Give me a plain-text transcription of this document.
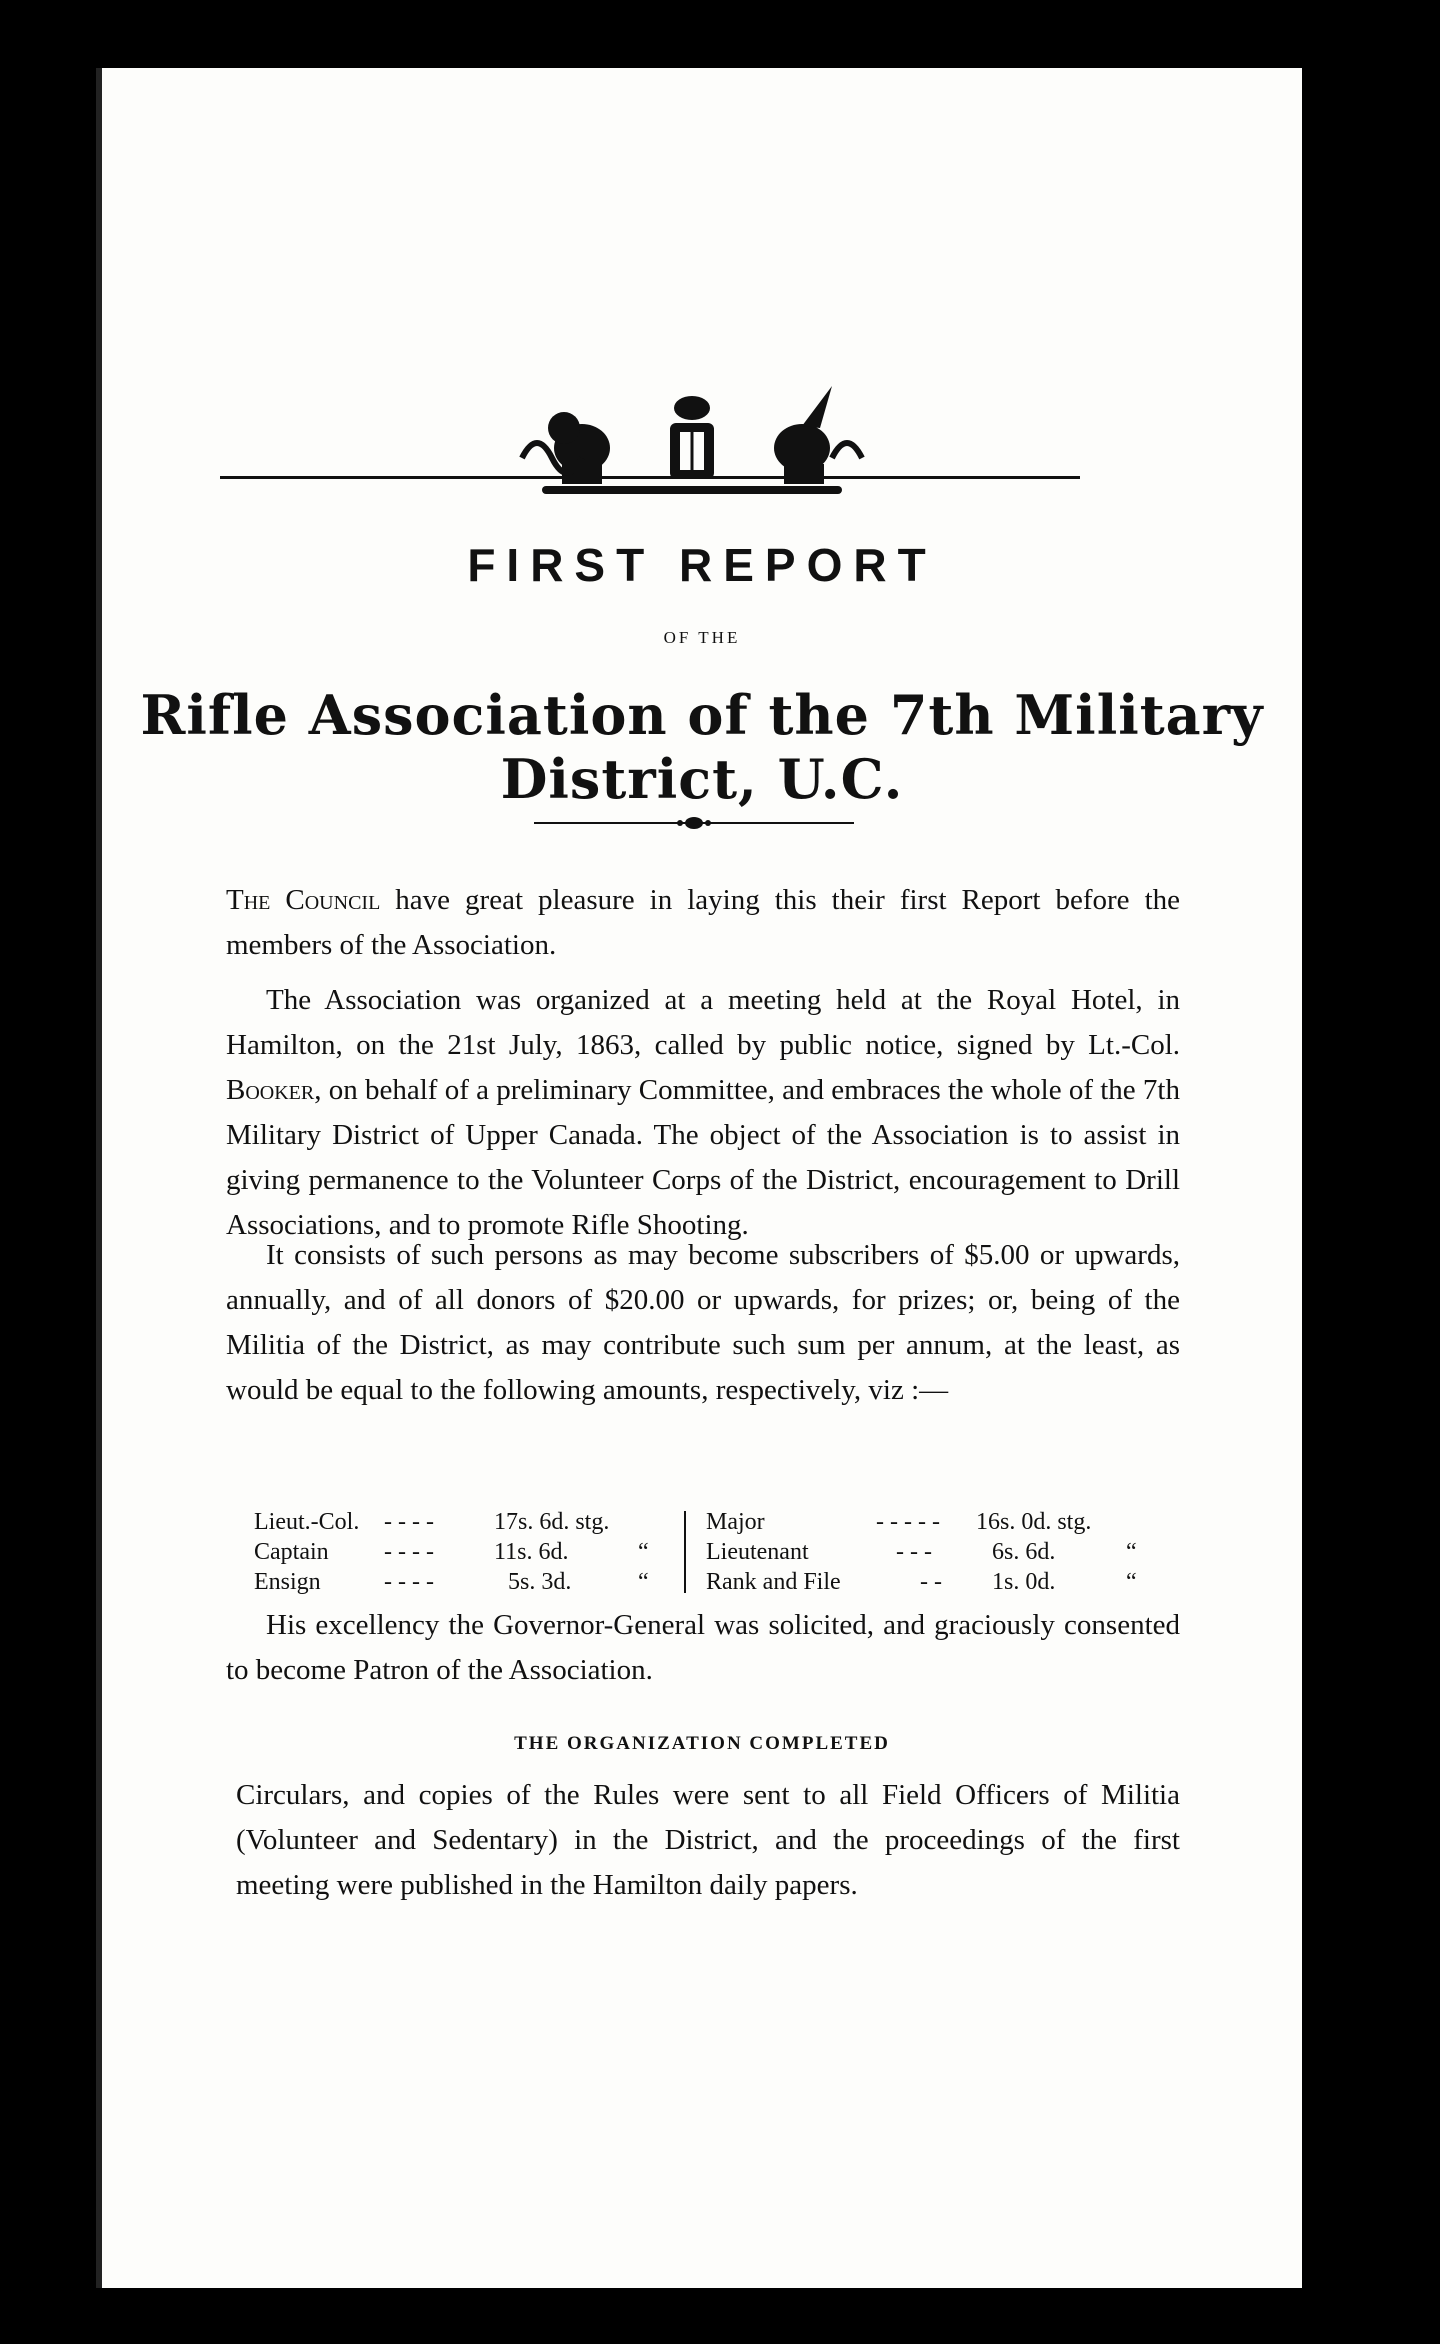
FIRST REPORT
OF THE
Rifle Association of the 7th Military District, U.C.
The Council have great pleasure in laying this their first Report before the members of the Association.
The Association was organized at a meeting held at the Royal Hotel, in Hamilton, on the 21st July, 1863, called by public notice, signed by Lt.-Col. Booker, on behalf of a preliminary Committee, and embraces the whole of the 7th Military District of Upper Canada. The object of the Association is to assist in giving permanence to the Volunteer Corps of the District, encouragement to Drill Associations, and to promote Rifle Shooting.
It consists of such persons as may become subscribers of $5.00 or upwards, annually, and of all donors of $20.00 or upwards, for prizes; or, being of the Militia of the District, as may contribute such sum per annum, at the least, as would be equal to the following amounts, respectively, viz :—
Lieut.-Col. - - - -	17s. 6d. stg.
Captain - - - -	11s. 6d.	“
Ensign	- - - -	5s. 3d.	“
Major	- - - - - 16s. 0d. stg.
Lieutenant	- - -	6s. 6d.	“
Rank and File	- - 1s. 0d.	“
His excellency the Governor-General was solicited, and graciously consented to become Patron of the Association.
THE ORGANIZATION COMPLETED
Circulars, and copies of the Rules were sent to all Field Officers of Militia (Volunteer and Sedentary) in the District, and the proceedings of the first meeting were published in the Hamilton daily papers.
